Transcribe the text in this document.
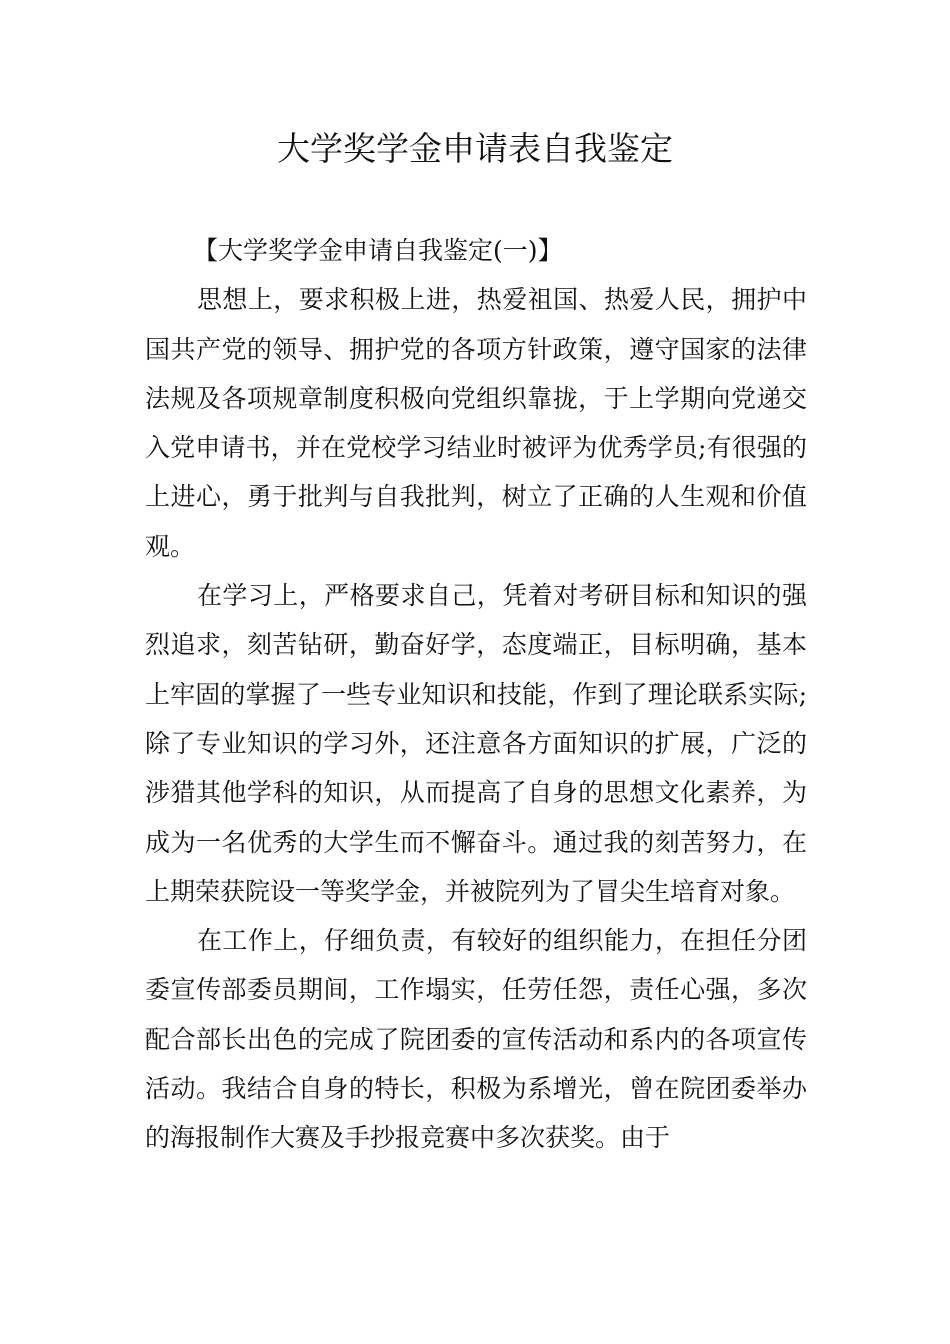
大学奖学金申请表自我鉴定

【大学奖学金申请自我鉴定(一)】

思想上，要求积极上进，热爱祖国、热爱人民，拥护中国共产党的领导、拥护党的各项方针政策，遵守国家的法律法规及各项规章制度积极向党组织靠拢，于上学期向党递交入党申请书，并在党校学习结业时被评为优秀学员;有很强的上进心，勇于批判与自我批判，树立了正确的人生观和价值观。

在学习上，严格要求自己，凭着对考研目标和知识的强烈追求，刻苦钻研，勤奋好学，态度端正，目标明确，基本上牢固的掌握了一些专业知识和技能，作到了理论联系实际;除了专业知识的学习外，还注意各方面知识的扩展，广泛的涉猎其他学科的知识，从而提高了自身的思想文化素养，为成为一名优秀的大学生而不懈奋斗。通过我的刻苦努力，在上期荣获院设一等奖学金，并被院列为了冒尖生培育对象。

在工作上，仔细负责，有较好的组织能力，在担任分团委宣传部委员期间，工作塌实，任劳任怨，责任心强，多次配合部长出色的完成了院团委的宣传活动和系内的各项宣传活动。我结合自身的特长，积极为系增光，曾在院团委举办的海报制作大赛及手抄报竞赛中多次获奖。由于
